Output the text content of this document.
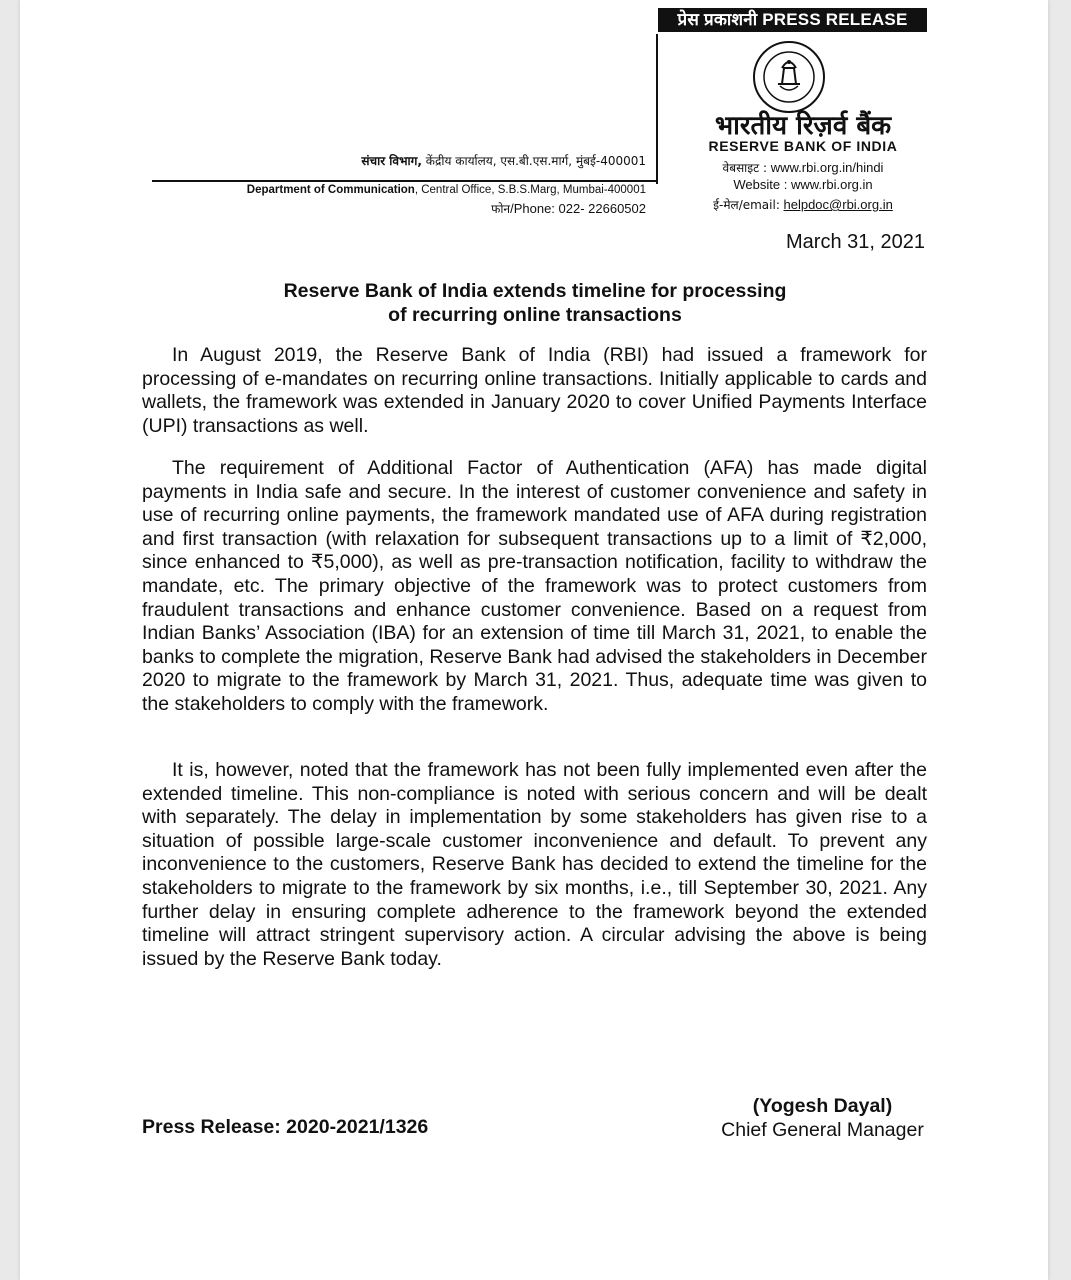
प्रेस प्रकाशनी PRESS RELEASE
भारतीय रिज़र्व बैंक
RESERVE BANK OF INDIA
वेबसाइट : www.rbi.org.in/hindi
Website : www.rbi.org.in
ई-मेल/email: helpdoc@rbi.org.in
संचार विभाग, केंद्रीय कार्यालय, एस.बी.एस.मार्ग, मुंबई-400001
Department of Communication, Central Office, S.B.S.Marg, Mumbai-400001
फोन/Phone: 022- 22660502
March 31, 2021
Reserve Bank of India extends timeline for processing
of recurring online transactions

In August 2019, the Reserve Bank of India (RBI) had issued a framework for processing of e-mandates on recurring online transactions. Initially applicable to cards and wallets, the framework was extended in January 2020 to cover Unified Payments Interface (UPI) transactions as well.

The requirement of Additional Factor of Authentication (AFA) has made digital payments in India safe and secure. In the interest of customer convenience and safety in use of recurring online payments, the framework mandated use of AFA during registration and first transaction (with relaxation for subsequent transactions up to a limit of ₹2,000, since enhanced to ₹5,000), as well as pre-transaction notification, facility to withdraw the mandate, etc. The primary objective of the framework was to protect customers from fraudulent transactions and enhance customer convenience. Based on a request from Indian Banks’ Association (IBA) for an extension of time till March 31, 2021, to enable the banks to complete the migration, Reserve Bank had advised the stakeholders in December 2020 to migrate to the framework by March 31, 2021. Thus, adequate time was given to the stakeholders to comply with the framework.

It is, however, noted that the framework has not been fully implemented even after the extended timeline. This non-compliance is noted with serious concern and will be dealt with separately. The delay in implementation by some stakeholders has given rise to a situation of possible large-scale customer inconvenience and default. To prevent any inconvenience to the customers, Reserve Bank has decided to extend the timeline for the stakeholders to migrate to the framework by six months, i.e., till September 30, 2021. Any further delay in ensuring complete adherence to the framework beyond the extended timeline will attract stringent supervisory action. A circular advising the above is being issued by the Reserve Bank today.

Press Release: 2020-2021/1326
(Yogesh Dayal)
Chief General Manager
